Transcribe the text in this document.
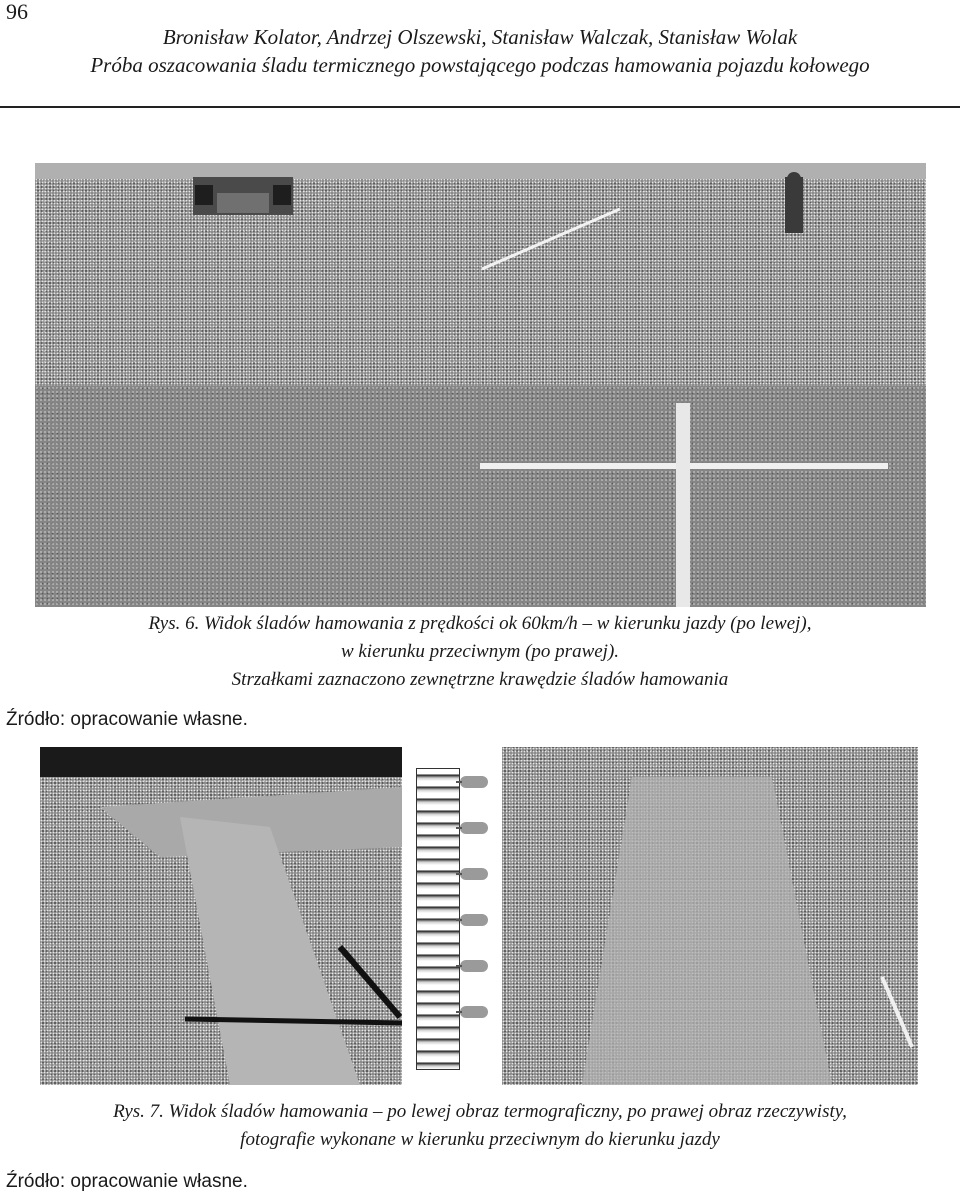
96
Bronisław Kolator, Andrzej Olszewski, Stanisław Walczak, Stanisław Wolak
Próba oszacowania śladu termicznego powstającego podczas hamowania pojazdu kołowego
Rys. 6. Widok śladów hamowania z prędkości ok 60km/h – w kierunku jazdy (po lewej),
w kierunku przeciwnym (po prawej).
Strzałkami zaznaczono zewnętrzne krawędzie śladów hamowania
Źródło: opracowanie własne.
Rys. 7. Widok śladów hamowania – po lewej obraz termograficzny, po prawej obraz rzeczywisty,
fotografie wykonane w kierunku przeciwnym do kierunku jazdy
Źródło: opracowanie własne.
